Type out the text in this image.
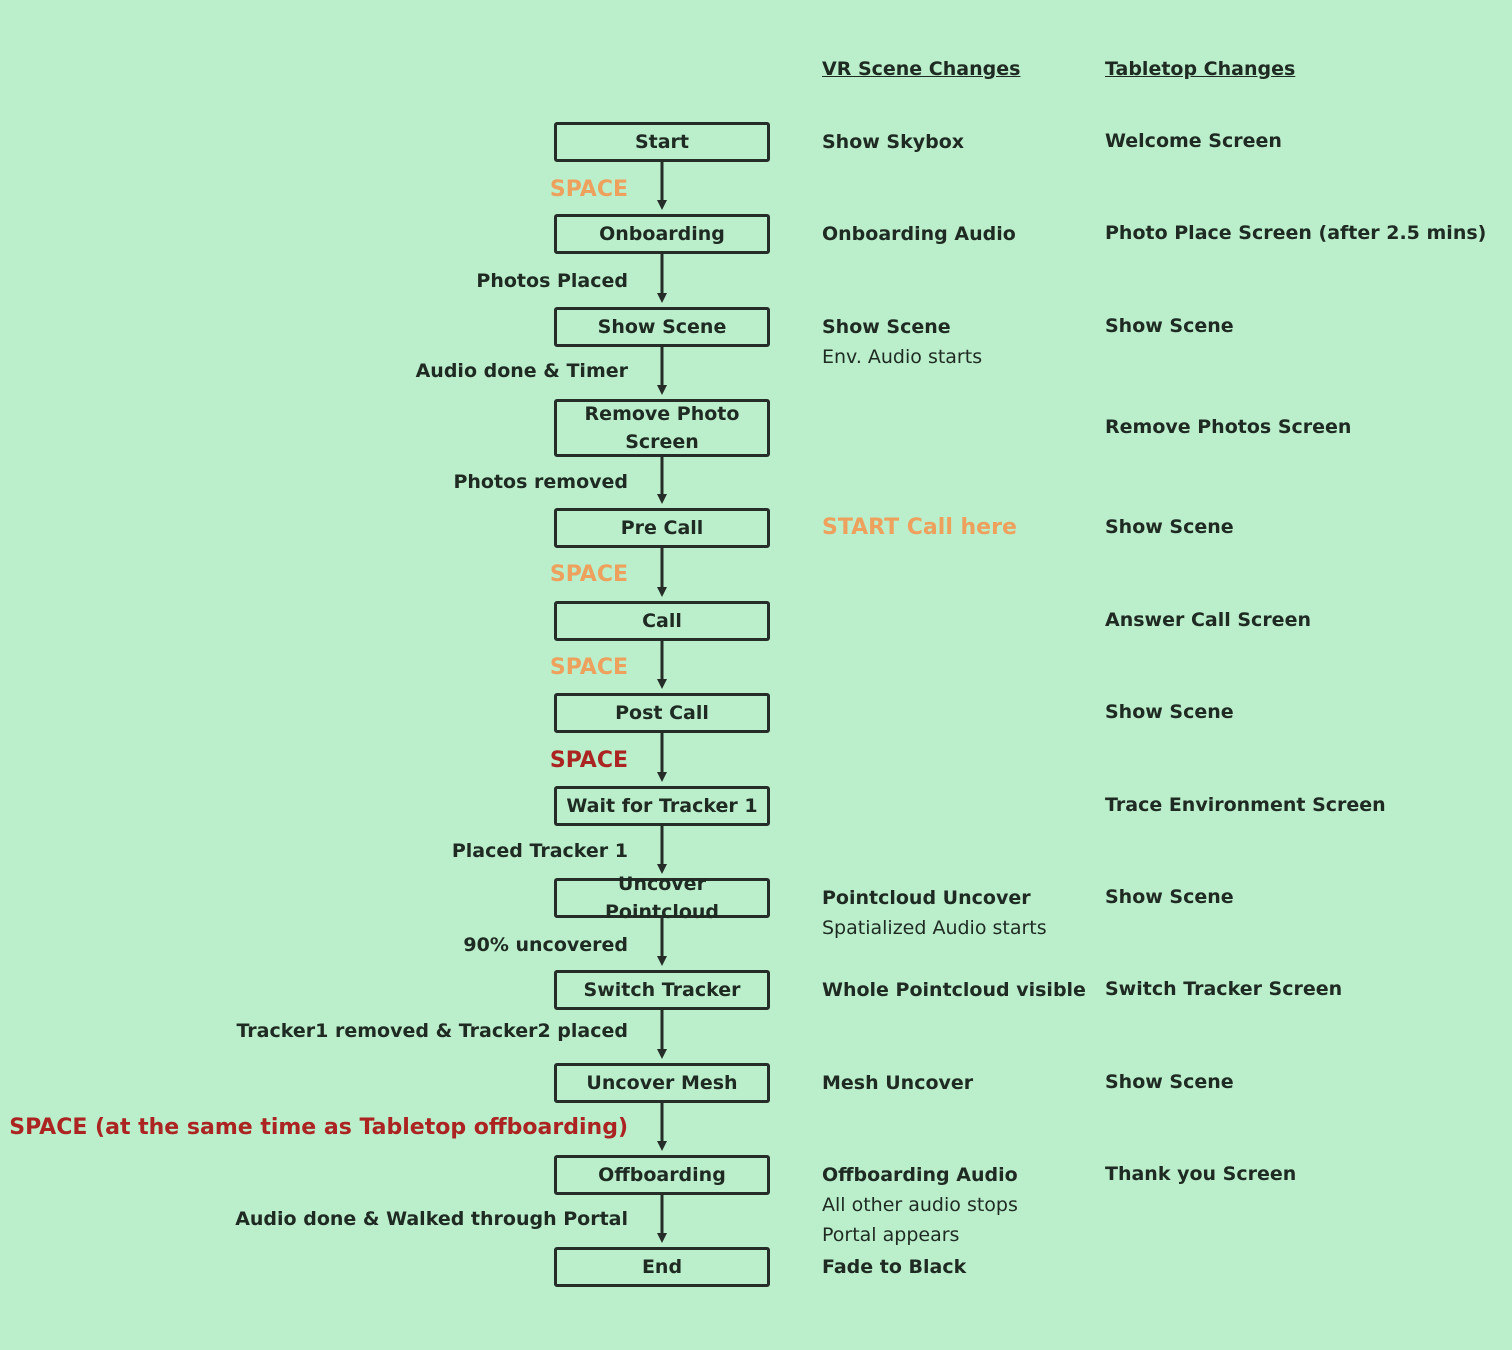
VR Scene Changes	Tabletop Changes
Start
Onboarding
Show Scene
Remove Photo Screen
Pre Call
Call
Post Call
Wait for Tracker 1
Uncover Pointcloud
Switch Tracker
Uncover Mesh
Offboarding
End
SPACE
Photos Placed
Audio done & Timer
Photos removed
SPACE
SPACE
SPACE
Placed Tracker 1
90% uncovered
Tracker1 removed & Tracker2 placed
SPACE (at the same time as Tabletop offboarding)
Audio done & Walked through Portal
Show Skybox
Onboarding Audio
Show Scene
Env. Audio starts
START Call here
Pointcloud Uncover
Spatialized Audio starts
Whole Pointcloud visible
Mesh Uncover
Offboarding Audio
All other audio stops
Portal appears
Fade to Black
Welcome Screen
Photo Place Screen (after 2.5 mins)
Show Scene
Remove Photos Screen
Show Scene
Answer Call Screen
Show Scene
Trace Environment Screen
Show Scene
Switch Tracker Screen
Show Scene
Thank you Screen
